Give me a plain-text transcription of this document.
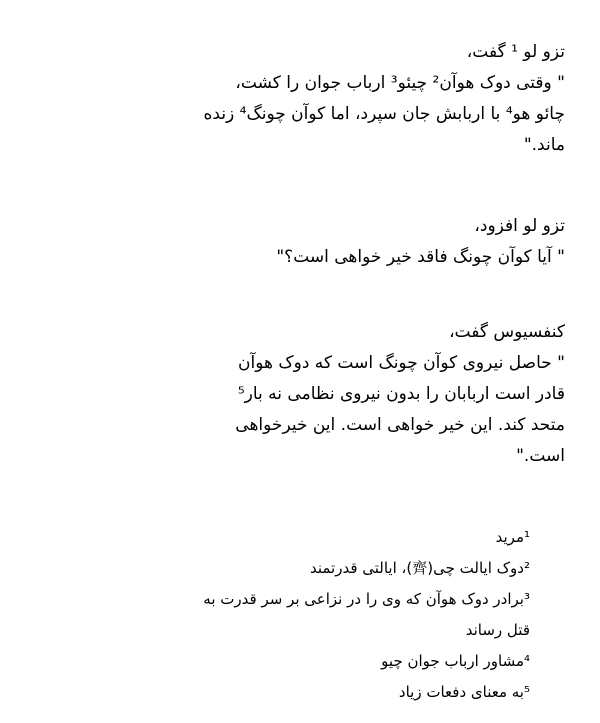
تزو لو ¹ گفت،
" وقتی دوک هوآن² چیئو³ ارباب جوان را کشت،
چائو هو⁴ با اربابش جان سپرد، اما کوآن چونگ⁴ زنده
ماند."
تزو لو افزود،
" آیا کوآن چونگ فاقد خیر خواهی است؟"
کنفسیوس گفت،
" حاصل نیروی کوآن چونگ است که دوک هوآن
قادر است اربابان را بدون نیروی نظامی نه بار⁵
متحد کند. این خیر خواهی است. این خیرخواهی
است."
¹مرید
²دوک ایالت چی(齊)، ایالتی قدرتمند
³برادر دوک هوآن که وی را در نزاعی بر سر قدرت به
قتل رساند
⁴مشاور ارباب جوان چیو
⁵به معنای دفعات زیاد
